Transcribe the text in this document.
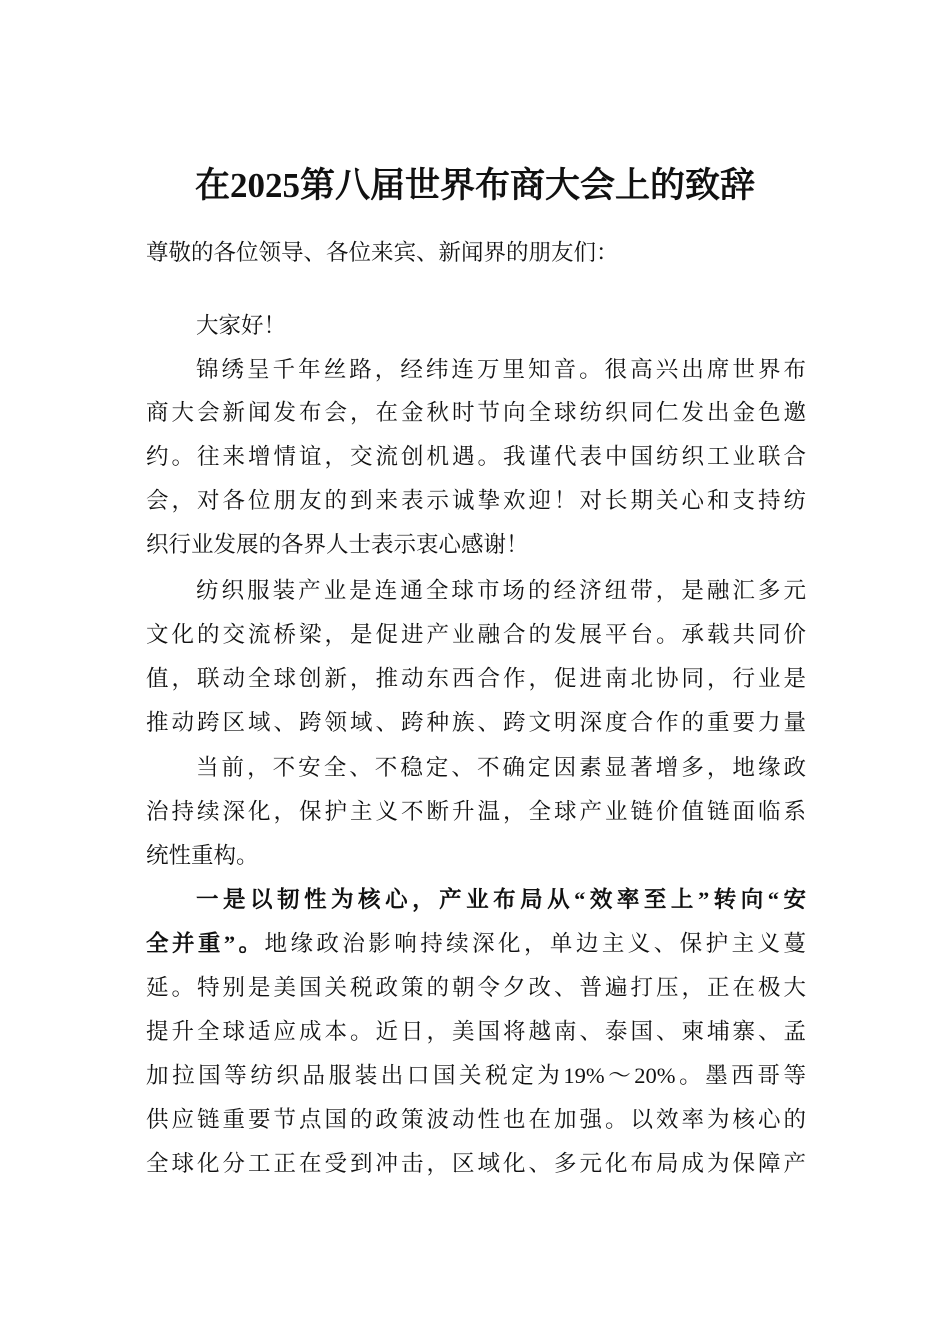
在2025第八届世界布商大会上的致辞
尊敬的各位领导、各位来宾、新闻界的朋友们：
大家好！
锦绣呈千年丝路，经纬连万里知音。很高兴出席世界布
商大会新闻发布会，在金秋时节向全球纺织同仁发出金色邀
约。往来增情谊，交流创机遇。我谨代表中国纺织工业联合
会，对各位朋友的到来表示诚挚欢迎！对长期关心和支持纺
织行业发展的各界人士表示衷心感谢！
纺织服装产业是连通全球市场的经济纽带，是融汇多元
文化的交流桥梁，是促进产业融合的发展平台。承载共同价
值，联动全球创新，推动东西合作，促进南北协同，行业是
推动跨区域、跨领域、跨种族、跨文明深度合作的重要力量
当前，不安全、不稳定、不确定因素显著增多，地缘政
治持续深化，保护主义不断升温，全球产业链价值链面临系
统性重构。
一是以韧性为核心，产业布局从“效率至上”转向“安
全并重”。地缘政治影响持续深化，单边主义、保护主义蔓
延。特别是美国关税政策的朝令夕改、普遍打压，正在极大
提升全球适应成本。近日，美国将越南、泰国、柬埔寨、孟
加拉国等纺织品服装出口国关税定为19%～20%。墨西哥等
供应链重要节点国的政策波动性也在加强。以效率为核心的
全球化分工正在受到冲击，区域化、多元化布局成为保障产
